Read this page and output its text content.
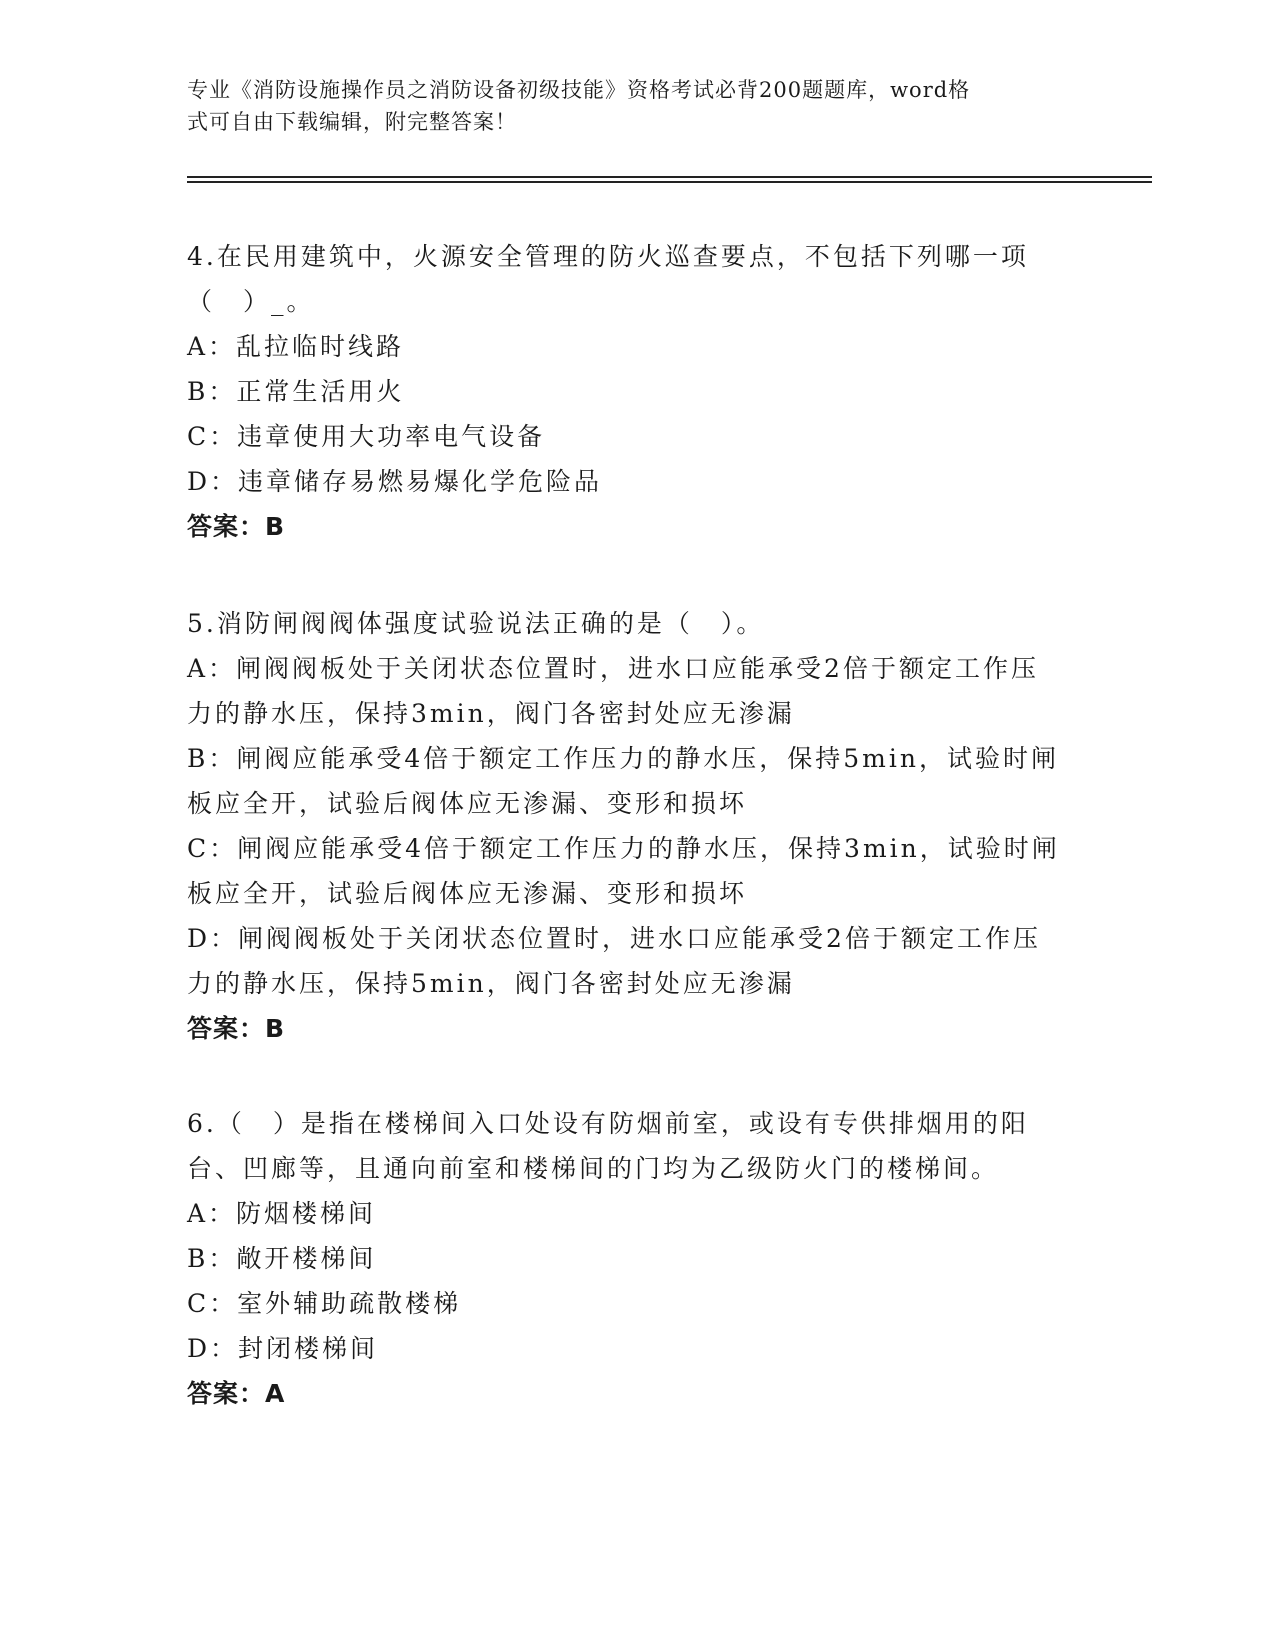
专业《消防设施操作员之消防设备初级技能》资格考试必背200题题库，word格
式可自由下载编辑，附完整答案！
4.在民用建筑中，火源安全管理的防火巡查要点，不包括下列哪一项
（　）_。
A：乱拉临时线路
B：正常生活用火
C：违章使用大功率电气设备
D：违章储存易燃易爆化学危险品
答案：B
5.消防闸阀阀体强度试验说法正确的是（　）。
A：闸阀阀板处于关闭状态位置时，进水口应能承受2倍于额定工作压
力的静水压，保持3min，阀门各密封处应无渗漏
B：闸阀应能承受4倍于额定工作压力的静水压，保持5min，试验时闸
板应全开，试验后阀体应无渗漏、变形和损坏
C：闸阀应能承受4倍于额定工作压力的静水压，保持3min，试验时闸
板应全开，试验后阀体应无渗漏、变形和损坏
D：闸阀阀板处于关闭状态位置时，进水口应能承受2倍于额定工作压
力的静水压，保持5min，阀门各密封处应无渗漏
答案：B
6.（　）是指在楼梯间入口处设有防烟前室，或设有专供排烟用的阳
台、凹廊等，且通向前室和楼梯间的门均为乙级防火门的楼梯间。
A：防烟楼梯间
B：敞开楼梯间
C：室外辅助疏散楼梯
D：封闭楼梯间
答案：A
